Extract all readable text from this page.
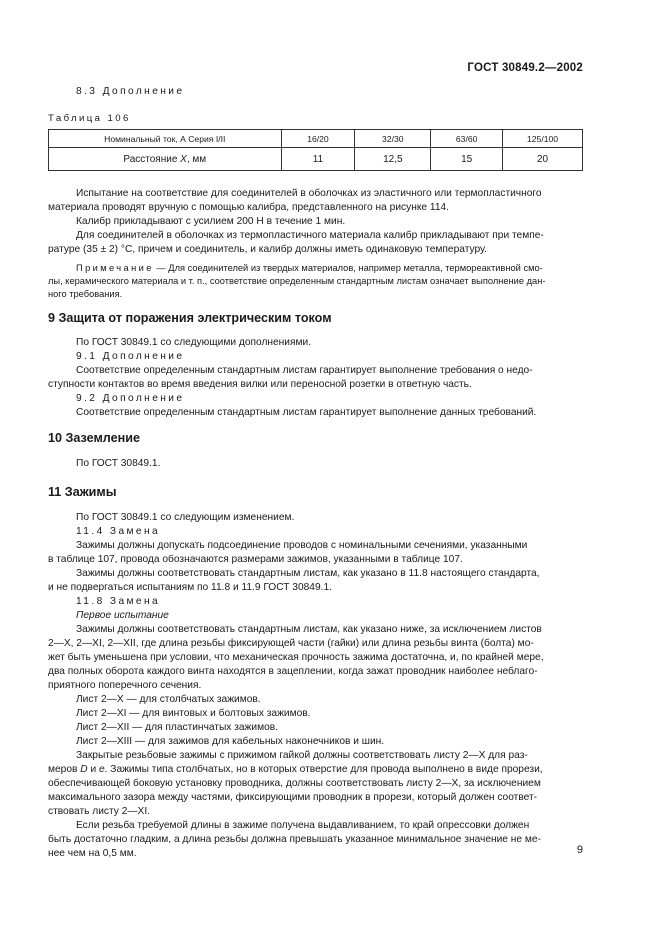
ГОСТ 30849.2—2002
8.3 Дополнение
Таблица 106
Номинальный ток, А Серия I/II	16/20	32/30	63/60	125/100
Расстояние X, мм	11	12,5	15	20
Испытание на соответствие для соединителей в оболочках из эластичного или термопластичного
материала проводят вручную с помощью калибра, представленного на рисунке 114.
Калибр прикладывают с усилием 200 Н в течение 1 мин.
Для соединителей в оболочках из термопластичного материала калибр прикладывают при темпе-
ратуре (35 ± 2) °С, причем и соединитель, и калибр должны иметь одинаковую температуру.
Примечание — Для соединителей из твердых материалов, например металла, термореактивной смо-
лы, керамического материала и т. п., соответствие определенным стандартным листам означает выполнение дан-
ного требования.
9 Защита от поражения электрическим током
По ГОСТ 30849.1 со следующими дополнениями.
9.1 Дополнение
Соответствие определенным стандартным листам гарантирует выполнение требования о недо-
ступности контактов во время введения вилки или переносной розетки в ответную часть.
9.2 Дополнение
Соответствие определенным стандартным листам гарантирует выполнение данных требований.
10 Заземление
По ГОСТ 30849.1.
11 Зажимы
По ГОСТ 30849.1 со следующим изменением.
11.4 Замена
Зажимы должны допускать подсоединение проводов с номинальными сечениями, указанными
в таблице 107, провода обозначаются размерами зажимов, указанными в таблице 107.
Зажимы должны соответствовать стандартным листам, как указано в 11.8 настоящего стандарта,
и не подвергаться испытаниям по 11.8 и 11.9 ГОСТ 30849.1.
11.8 Замена
Первое испытание
Зажимы должны соответствовать стандартным листам, как указано ниже, за исключением листов
2—X, 2—XI, 2—XII, где длина резьбы фиксирующей части (гайки) или длина резьбы винта (болта) мо-
жет быть уменьшена при условии, что механическая прочность зажима достаточна, и, по крайней мере,
два полных оборота каждого винта находятся в зацеплении, когда зажат проводник наиболее неблаго-
приятного поперечного сечения.
Лист 2—X — для столбчатых зажимов.
Лист 2—XI — для винтовых и болтовых зажимов.
Лист 2—XII — для пластинчатых зажимов.
Лист 2—XIII — для зажимов для кабельных наконечников и шин.
Закрытые резьбовые зажимы с прижимом гайкой должны соответствовать листу 2—X для раз-
меров D и e. Зажимы типа столбчатых, но в которых отверстие для провода выполнено в виде прорези,
обеспечивающей боковую установку проводника, должны соответствовать листу 2—X, за исключением
максимального зазора между частями, фиксирующими проводник в прорези, который должен соответ-
ствовать листу 2—XI.
Если резьба требуемой длины в зажиме получена выдавливанием, то край опрессовки должен
быть достаточно гладким, а длина резьбы должна превышать указанное минимальное значение не ме-
нее чем на 0,5 мм.	9
